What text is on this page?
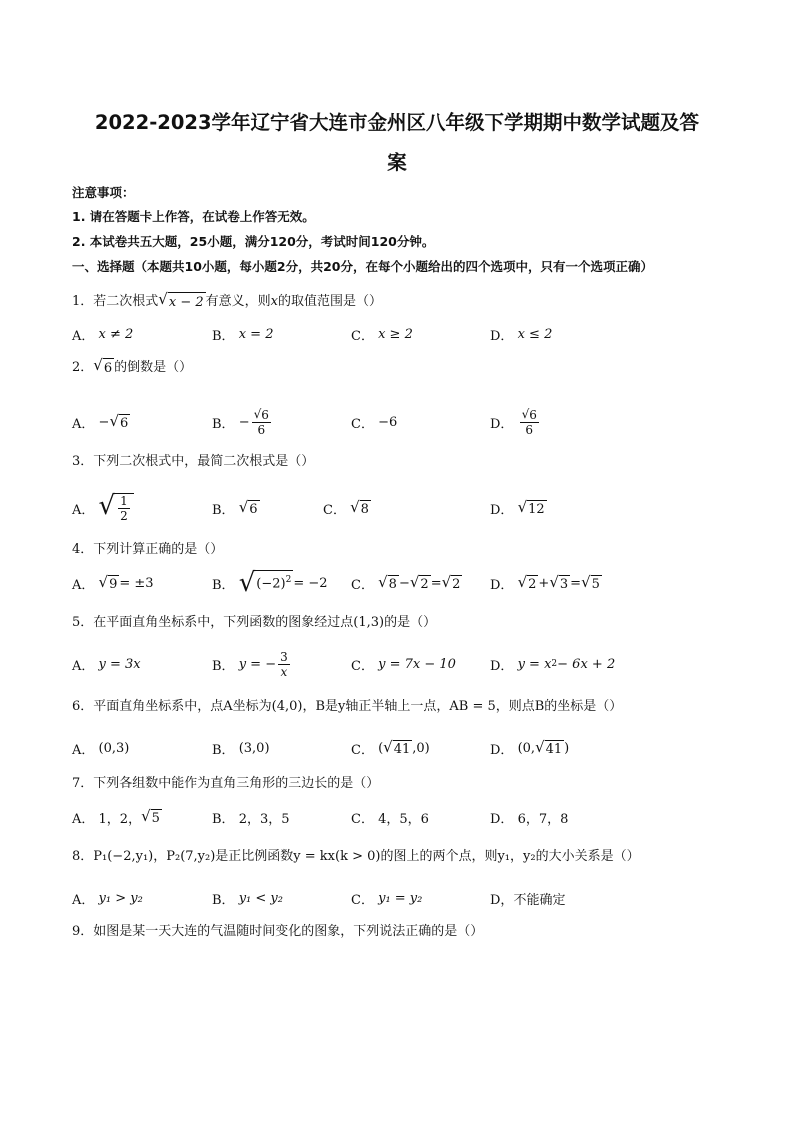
2022-2023学年辽宁省大连市金州区八年级下学期期中数学试题及答
案
注意事项：
1. 请在答题卡上作答，在试卷上作答无效。
2. 本试卷共五大题，25小题，满分120分，考试时间120分钟。
一、选择题（本题共10小题，每小题2分，共20分，在每个小题给出的四个选项中，只有一个选项正确）
1． 若二次根式 √ x − 2 有意义，则 x 的取值范围是（）
A．
x ≠ 2	B．
x = 2	C．
x ≥ 2	D．
x ≤ 2
2． √ 6 的倒数是（）
A．
− √ 6	B．
− $\frac{√ 6}{6}$	C．
−6	D．
$\frac{√ 6}{6}$
3．下列二次根式中，最简二次根式是（）
A．
√ $\frac{1}{2}$	B．
√ 6	C．
√ 8	D．
√ 12
4．下列计算正确的是（）
A．
√ 9 = ±3	B．
√ $(-2)^2 = -2$ C．
√ 8 − √ 2 = √ 2 D．
√ 2 + √ 3 = √ 5
5．在平面直角坐标系中，下列函数的图象经过点(1,3)的是（）
A．
y = 3x	B．
y = − $\frac{3}{x}$	C．
y = 7x − 10	D．
y = x 2 − 6x + 2
6．平面直角坐标系中，点A坐标为(4,0)，B是y轴正半轴上一点，AB = 5，则点B的坐标是（）
A．
(0,3)	B．
(3,0)	C．
( √ 41 ,0)	D．
(0, √ 41 )
7．下列各组数中能作为直角三角形的三边长的是（）
A．
1，2， √ 5	B．
2，3，5	C．
4，5，6	D．
6，7，8
8．P₁(−2,y₁)，P₂(7,y₂)是正比例函数y = kx(k > 0)的图上的两个点，则y₁，y₂的大小关系是（）
A．
y₁ > y₂	B．
y₁ < y₂	C．
y₁ = y₂	D， 不能确定
9．如图是某一天大连的气温随时间变化的图象，下列说法正确的是（）
